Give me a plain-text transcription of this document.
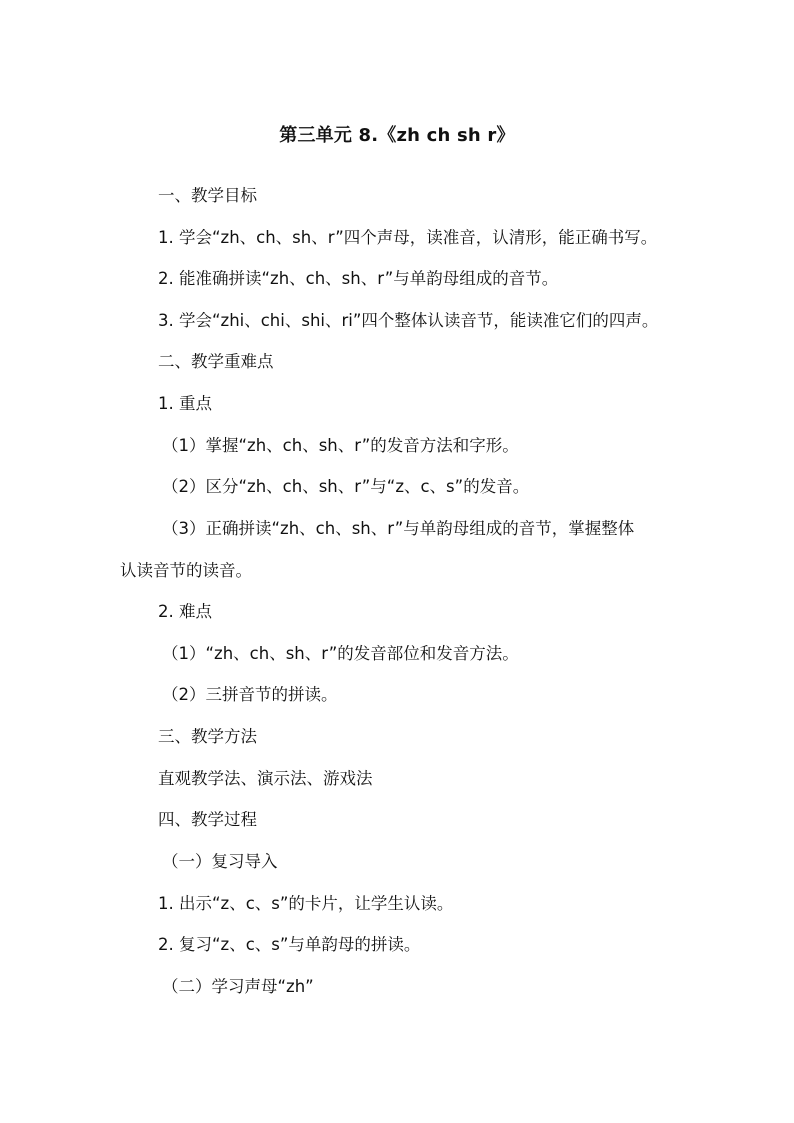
第三单元 8.《zh ch sh r》
一、教学目标
1. 学会“zh、ch、sh、r”四个声母，读准音，认清形，能正确书写。
2. 能准确拼读“zh、ch、sh、r”与单韵母组成的音节。
3. 学会“zhi、chi、shi、ri”四个整体认读音节，能读准它们的四声。
二、教学重难点
1. 重点
（1）掌握“zh、ch、sh、r”的发音方法和字形。
（2）区分“zh、ch、sh、r”与“z、c、s”的发音。
（3）正确拼读“zh、ch、sh、r”与单韵母组成的音节，掌握整体
认读音节的读音。
2. 难点
（1）“zh、ch、sh、r”的发音部位和发音方法。
（2）三拼音节的拼读。
三、教学方法
直观教学法、演示法、游戏法
四、教学过程
（一）复习导入
1. 出示“z、c、s”的卡片，让学生认读。
2. 复习“z、c、s”与单韵母的拼读。
（二）学习声母“zh”
